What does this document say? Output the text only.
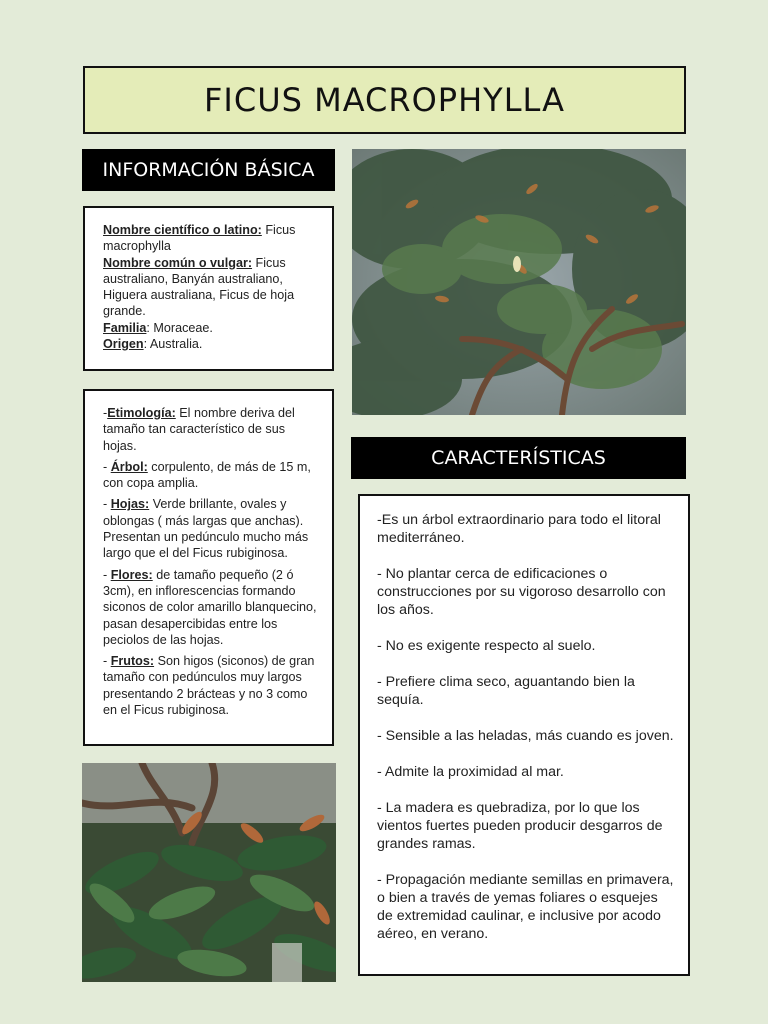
FICUS MACROPHYLLA
INFORMACIÓN BÁSICA
Nombre científico o latino: Ficus macrophylla
Nombre común o vulgar: Ficus australiano, Banyán australiano, Higuera australiana, Ficus de hoja grande.
Familia: Moraceae.
Origen: Australia.
-Etimología: El nombre deriva del tamaño tan característico de sus hojas.
- Árbol: corpulento, de más de 15 m, con copa amplia.
- Hojas: Verde brillante, ovales y oblongas ( más largas que anchas). Presentan un pedúnculo mucho más largo que el del Ficus rubiginosa.
- Flores: de tamaño pequeño (2 ó 3cm), en inflorescencias formando siconos de color amarillo blanquecino, pasan desapercibidas entre los peciolos de las hojas.
- Frutos: Son higos (siconos) de gran tamaño con pedúnculos muy largos presentando 2 brácteas y no 3 como en el Ficus rubiginosa.
CARACTERÍSTICAS
-Es un árbol extraordinario para todo el litoral mediterráneo.
- No plantar cerca de edificaciones o construcciones por su vigoroso desarrollo con los años.
- No es exigente respecto al suelo.
- Prefiere clima seco, aguantando bien la sequía.
- Sensible a las heladas, más cuando es joven.
- Admite la proximidad al mar.
- La madera es quebradiza, por lo que los vientos fuertes pueden producir desgarros de grandes ramas.
- Propagación mediante semillas en primavera, o bien a través de yemas foliares o esquejes de extremidad caulinar, e inclusive por acodo aéreo, en verano.
